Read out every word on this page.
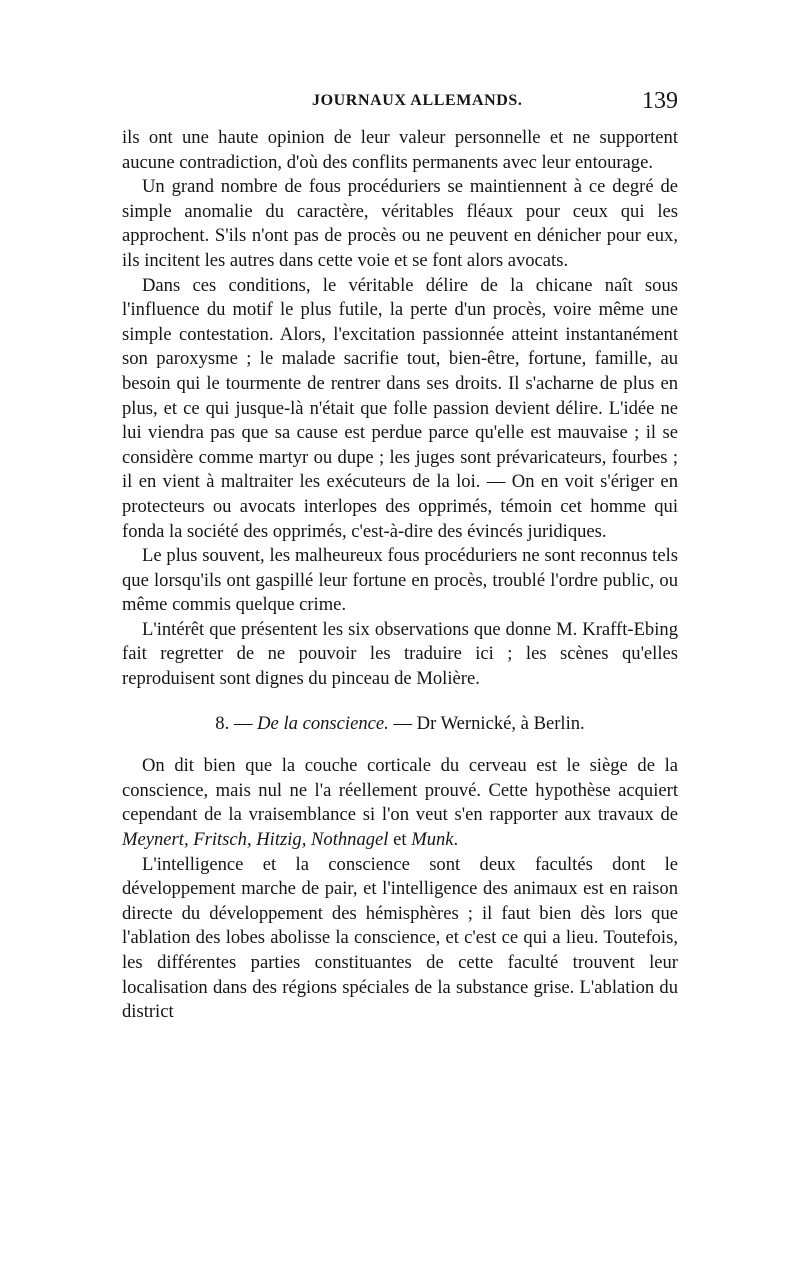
JOURNAUX ALLEMANDS.	139

ils ont une haute opinion de leur valeur personnelle et ne supportent aucune contradiction, d'où des conflits permanents avec leur entourage.

Un grand nombre de fous procéduriers se maintiennent à ce degré de simple anomalie du caractère, véritables fléaux pour ceux qui les approchent. S'ils n'ont pas de procès ou ne peuvent en dénicher pour eux, ils incitent les autres dans cette voie et se font alors avocats.

Dans ces conditions, le véritable délire de la chicane naît sous l'influence du motif le plus futile, la perte d'un procès, voire même une simple contestation. Alors, l'excitation passionnée atteint instantanément son paroxysme ; le malade sacrifie tout, bien-être, fortune, famille, au besoin qui le tourmente de rentrer dans ses droits. Il s'acharne de plus en plus, et ce qui jusque-là n'était que folle passion devient délire. L'idée ne lui viendra pas que sa cause est perdue parce qu'elle est mauvaise ; il se considère comme martyr ou dupe ; les juges sont prévaricateurs, fourbes ; il en vient à maltraiter les exécuteurs de la loi. — On en voit s'ériger en protecteurs ou avocats interlopes des opprimés, témoin cet homme qui fonda la société des opprimés, c'est-à-dire des évincés juridiques.

Le plus souvent, les malheureux fous procéduriers ne sont reconnus tels que lorsqu'ils ont gaspillé leur fortune en procès, troublé l'ordre public, ou même commis quelque crime.

L'intérêt que présentent les six observations que donne M. Krafft-Ebing fait regretter de ne pouvoir les traduire ici ; les scènes qu'elles reproduisent sont dignes du pinceau de Molière.

8. — De la conscience. — Dr Wernické, à Berlin.

On dit bien que la couche corticale du cerveau est le siège de la conscience, mais nul ne l'a réellement prouvé. Cette hypothèse acquiert cependant de la vraisemblance si l'on veut s'en rapporter aux travaux de Meynert, Fritsch, Hitzig, Nothnagel et Munk.

L'intelligence et la conscience sont deux facultés dont le développement marche de pair, et l'intelligence des animaux est en raison directe du développement des hémisphères ; il faut bien dès lors que l'ablation des lobes abolisse la conscience, et c'est ce qui a lieu. Toutefois, les différentes parties constituantes de cette faculté trouvent leur localisation dans des régions spéciales de la substance grise. L'ablation du district
